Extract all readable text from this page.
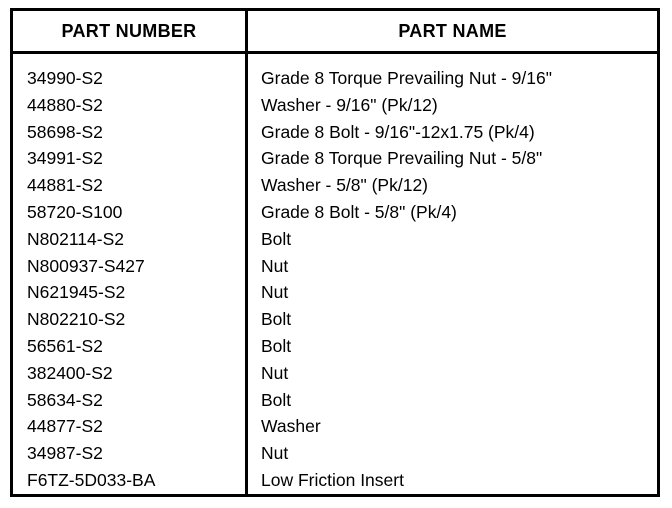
PART NUMBER	PART NAME
34990-S2
44880-S2
58698-S2
34991-S2
44881-S2
58720-S100
N802114-S2
N800937-S427
N621945-S2
N802210-S2
56561-S2
382400-S2
58634-S2
44877-S2
34987-S2
F6TZ-5D033-BA
Grade 8 Torque Prevailing Nut - 9/16"
Washer - 9/16" (Pk/12)
Grade 8 Bolt - 9/16"-12x1.75 (Pk/4)
Grade 8 Torque Prevailing Nut - 5/8"
Washer - 5/8" (Pk/12)
Grade 8 Bolt - 5/8" (Pk/4)
Bolt
Nut
Nut
Bolt
Bolt
Nut
Bolt
Washer
Nut
Low Friction Insert
